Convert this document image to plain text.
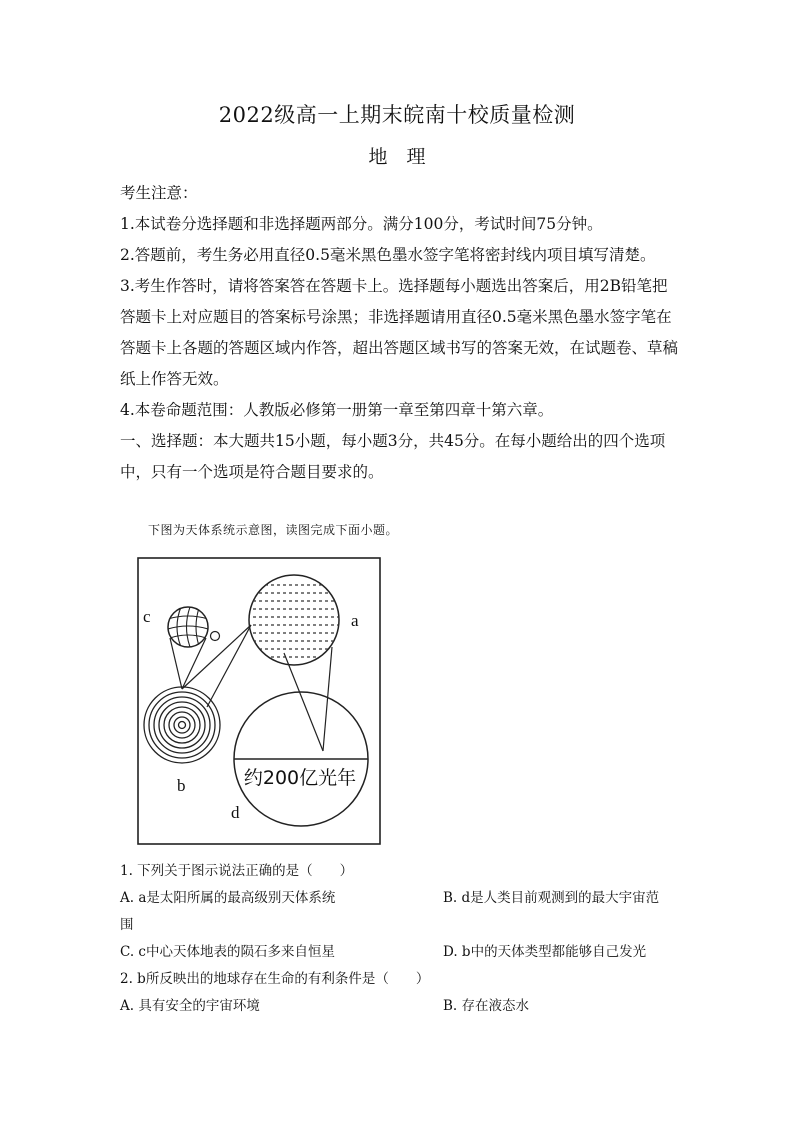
2022级高一上期末皖南十校质量检测
地　理

考生注意：

1.本试卷分选择题和非选择题两部分。满分100分，考试时间75分钟。

2.答题前，考生务必用直径0.5毫米黑色墨水签字笔将密封线内项目填写清楚。

3.考生作答时，请将答案答在答题卡上。选择题每小题选出答案后，用2B铅笔把答题卡上对应题目的答案标号涂黑；非选择题请用直径0.5毫米黑色墨水签字笔在答题卡上各题的答题区域内作答，超出答题区域书写的答案无效，在试题卷、草稿纸上作答无效。

4.本卷命题范围：人教版必修第一册第一章至第四章十第六章。

一、选择题：本大题共15小题，每小题3分，共45分。在每小题给出的四个选项中，只有一个选项是符合题目要求的。

下图为天体系统示意图，读图完成下面小题。
约200亿光年
a
b
c
d

1. 下列关于图示说法正确的是（　　）

A. a是太阳所属的最高级别天体系统	B. d是人类目前观测到的最大宇宙范

围

C. c中心天体地表的陨石多来自恒星	D. b中的天体类型都能够自己发光

2. b所反映出的地球存在生命的有利条件是（　　）

A. 具有安全的宇宙环境	B. 存在液态水
